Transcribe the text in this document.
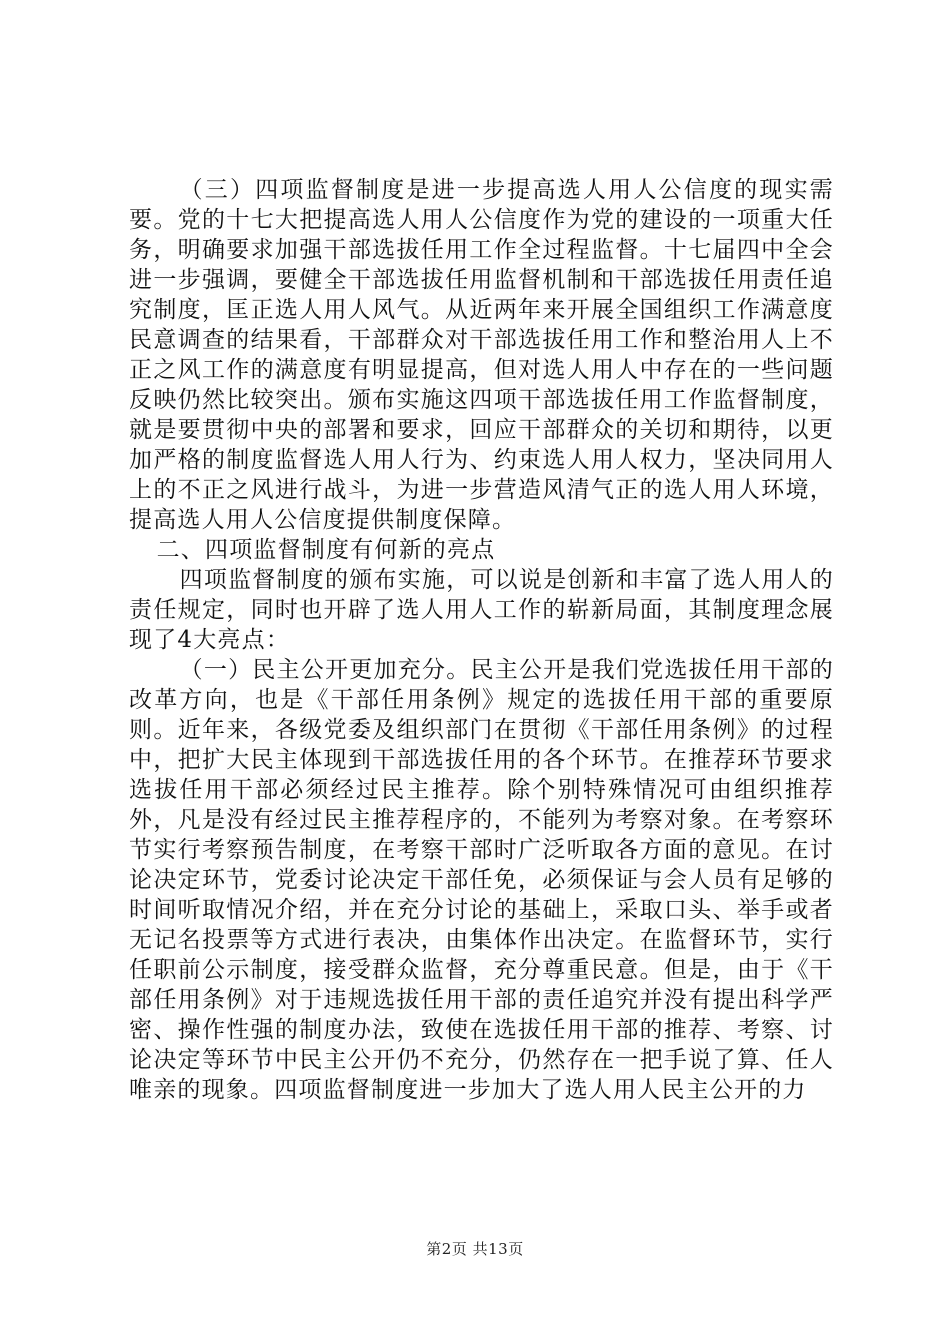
（三）四项监督制度是进一步提高选人用人公信度的现实需要。党的十七大把提高选人用人公信度作为党的建设的一项重大任务，明确要求加强干部选拔任用工作全过程监督。十七届四中全会进一步强调，要健全干部选拔任用监督机制和干部选拔任用责任追究制度，匡正选人用人风气。从近两年来开展全国组织工作满意度民意调查的结果看，干部群众对干部选拔任用工作和整治用人上不正之风工作的满意度有明显提高，但对选人用人中存在的一些问题反映仍然比较突出。颁布实施这四项干部选拔任用工作监督制度，就是要贯彻中央的部署和要求，回应干部群众的关切和期待，以更加严格的制度监督选人用人行为、约束选人用人权力，坚决同用人上的不正之风进行战斗，为进一步营造风清气正的选人用人环境，提高选人用人公信度提供制度保障。

二、四项监督制度有何新的亮点

四项监督制度的颁布实施，可以说是创新和丰富了选人用人的责任规定，同时也开辟了选人用人工作的崭新局面，其制度理念展现了4大亮点：

（一）民主公开更加充分。民主公开是我们党选拔任用干部的改革方向，也是《干部任用条例》规定的选拔任用干部的重要原则。近年来，各级党委及组织部门在贯彻《干部任用条例》的过程中，把扩大民主体现到干部选拔任用的各个环节。在推荐环节要求选拔任用干部必须经过民主推荐。除个别特殊情况可由组织推荐外，凡是没有经过民主推荐程序的，不能列为考察对象。在考察环节实行考察预告制度，在考察干部时广泛听取各方面的意见。在讨论决定环节，党委讨论决定干部任免，必须保证与会人员有足够的时间听取情况介绍，并在充分讨论的基础上，采取口头、举手或者无记名投票等方式进行表决，由集体作出决定。在监督环节，实行任职前公示制度，接受群众监督，充分尊重民意。但是，由于《干部任用条例》对于违规选拔任用干部的责任追究并没有提出科学严密、操作性强的制度办法，致使在选拔任用干部的推荐、考察、讨论决定等环节中民主公开仍不充分，仍然存在一把手说了算、任人唯亲的现象。四项监督制度进一步加大了选人用人民主公开的力

第2页 共13页
